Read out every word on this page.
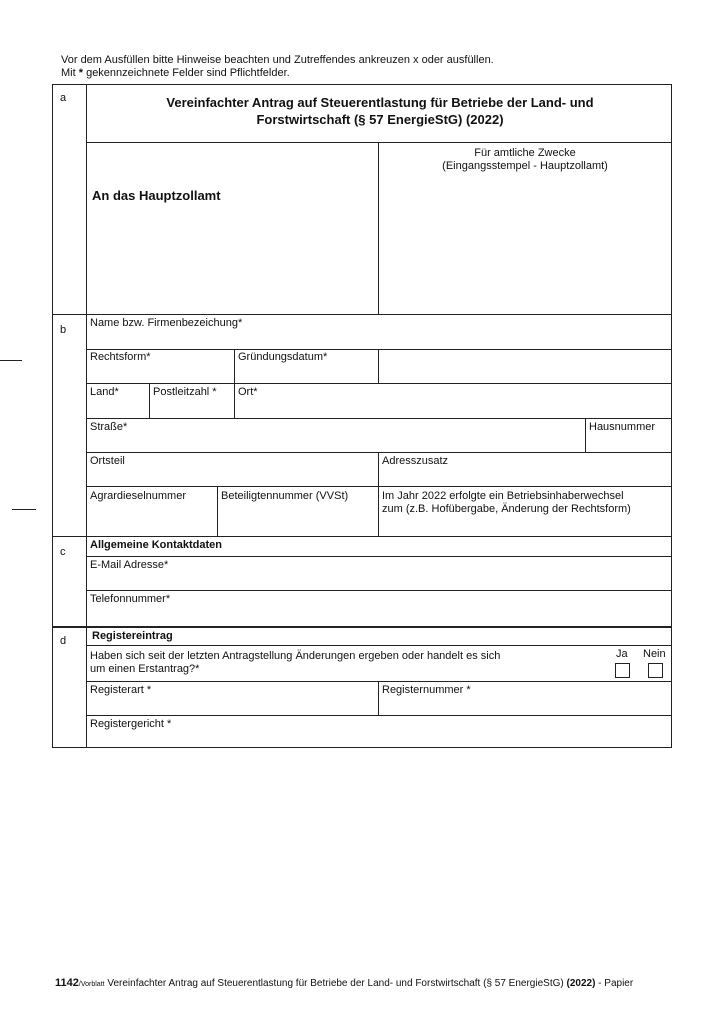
Vor dem Ausfüllen bitte Hinweise beachten und Zutreffendes ankreuzen x oder ausfüllen.
Mit * gekennzeichnete Felder sind Pflichtfelder.
a	Vereinfachter Antrag auf Steuerentlastung für Betriebe der Land- und
Forstwirtschaft (§ 57 EnergieStG) (2022)
An das Hauptzollamt
Für amtliche Zwecke
(Eingangsstempel - Hauptzollamt)
b
Name bzw. Firmenbezeichung*
Rechtsform*	Gründungsdatum*
Land*	Postleitzahl * Ort*
Straße*	Hausnummer
Ortsteil	Adresszusatz
Agrardieselnummer	Beteiligtennummer (VVSt)	Im Jahr 2022 erfolgte ein Betriebsinhaberwechsel
zum (z.B. Hofübergabe, Änderung der Rechtsform)
c
Allgemeine Kontaktdaten
E-Mail Adresse*
Telefonnummer*
d Registereintrag
Haben sich seit der letzten Antragstellung Änderungen ergeben oder handelt es sich
um einen Erstantrag?*
Ja Nein
Registerart *	Registernummer *
Registergericht *
1142/Vorblatt Vereinfachter Antrag auf Steuerentlastung für Betriebe der Land- und Forstwirtschaft (§ 57 EnergieStG) (2022) - Papier
